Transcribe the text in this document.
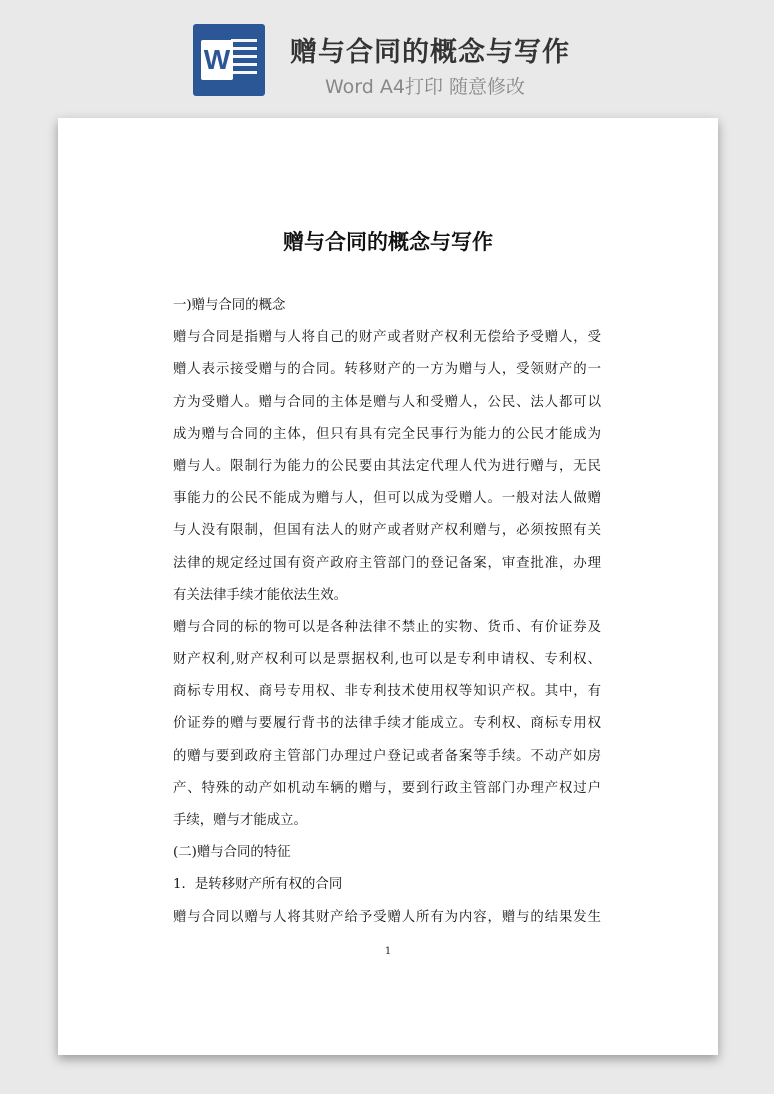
W 赠与合同的概念与写作
Word A4打印 随意修改
赠与合同的概念与写作
一)赠与合同的概念
赠与合同是指赠与人将自己的财产或者财产权利无偿给予受赠人，受
赠人表示接受赠与的合同。转移财产的一方为赠与人，受领财产的一
方为受赠人。赠与合同的主体是赠与人和受赠人，公民、法人都可以
成为赠与合同的主体，但只有具有完全民事行为能力的公民才能成为
赠与人。限制行为能力的公民要由其法定代理人代为进行赠与，无民
事能力的公民不能成为赠与人，但可以成为受赠人。一般对法人做赠
与人没有限制，但国有法人的财产或者财产权利赠与，必须按照有关
法律的规定经过国有资产政府主管部门的登记备案，审查批准，办理
有关法律手续才能依法生效。
赠与合同的标的物可以是各种法律不禁止的实物、货币、有价证券及
财产权利,财产权利可以是票据权利,也可以是专利申请权、专利权、
商标专用权、商号专用权、非专利技术使用权等知识产权。其中，有
价证券的赠与要履行背书的法律手续才能成立。专利权、商标专用权
的赠与要到政府主管部门办理过户登记或者备案等手续。不动产如房
产、特殊的动产如机动车辆的赠与，要到行政主管部门办理产权过户
手续，赠与才能成立。
(二)赠与合同的特征
1．是转移财产所有权的合同
赠与合同以赠与人将其财产给予受赠人所有为内容，赠与的结果发生
1
